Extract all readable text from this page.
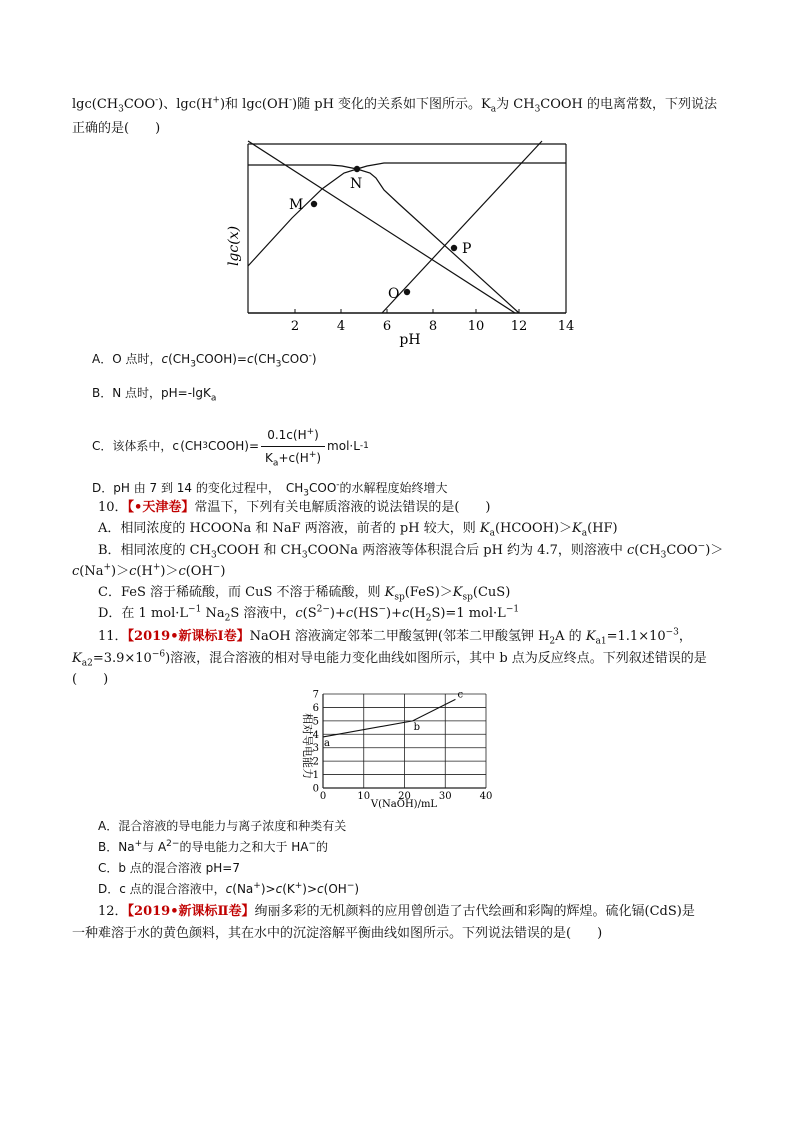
$\lg c(CH_3COO^-)$、lgc(H+)和 lgc(OH-)随 pH 变化的关系如下图所示。$K_a$为 $CH_3COOH$ 的电离常数，下列说法
正确的是(　　)
M
N
O
P
2	4	6	8 10 12 14
pH
lgc(x)
A．O 点时，$c(CH_3COOH)=c(CH_3COO^-)$
B．N 点时，pH=-lgK$_a$
C．该体系中，c
  (CH 3 COOH)= $\frac{0.1c(H^+)}{K_a+c(H^+)} mol\cdot L$ -1
D．pH 由 7 到 14 的变化过程中，　$CH_3COO^-$的水解程度始终增大
10．【•天津卷】常温下，下列有关电解质溶液的说法错误的是(　　)
A．相同浓度的 HCOONa 和 NaF 两溶液，前者的 pH 较大，则 $K_a(HCOOH)>K_a(HF)$
B．相同浓度的 $CH_3COOH$ 和 $CH_3COONa$ 两溶液等体积混合后 pH 约为 4.7，则溶液中 $c(CH_3COO^-)>$
c(Na+)＞c(H+)＞c(OH−)
C．FeS 溶于稀硫酸，而 CuS 不溶于稀硫酸，则 $K_{sp}(FeS)>K_{sp}(CuS)$
D．在 1 $mol\cdot L^{-1}$ $Na_2S$ 溶液中，$c(S^{2-})+c(HS^-)+c(H_2S)=1$ $mol\cdot L^{-1}$
11．【2019•新课标Ⅰ卷】NaOH 溶液滴定邻苯二甲酸氢钾(邻苯二甲酸氢钾 $H_2A$ 的 $K_{a1}=1.1\times 10^{-3}$，
$K_{a2}=3.9\times 10^{-6}$)溶液，混合溶液的相对导电能力变化曲线如图所示，其中 b 点为反应终点。下列叙述错误的是
(　　)
0
1
2
3
4
5
6
7
0	10	20	30	40
a
b
c
V(NaOH)/mL
相对导电能力
A．混合溶液的导电能力与离子浓度和种类有关
B．Na+与 $A^{2-}$的导电能力之和大于 HA−的
C．b 点的混合溶液 pH=7
D．c 点的混合溶液中，c(Na+)>c(K+)>c(OH−)
12．【2019•新课标Ⅱ卷】绚丽多彩的无机颜料的应用曾创造了古代绘画和彩陶的辉煌。硫化镉(CdS)是
一种难溶于水的黄色颜料，其在水中的沉淀溶解平衡曲线如图所示。下列说法错误的是(　　)
